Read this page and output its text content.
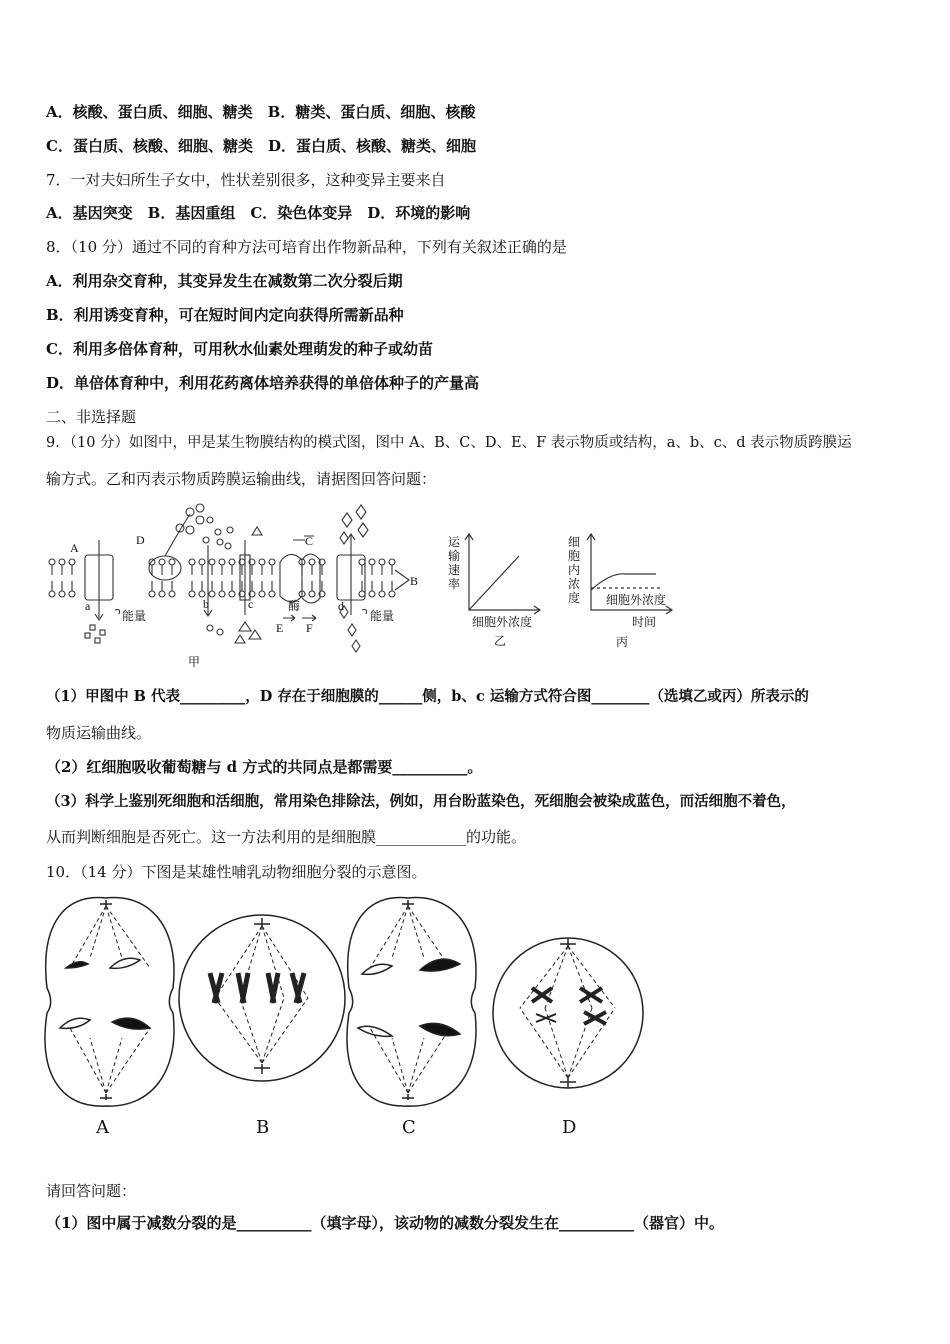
A．核酸、蛋白质、细胞、糖类　B．糖类、蛋白质、细胞、核酸
C．蛋白质、核酸、细胞、糖类　D．蛋白质、核酸、糖类、细胞
7．一对夫妇所生子女中，性状差别很多，这种变异主要来自
A．基因突变　B．基因重组　C．染色体变异　D．环境的影响
8．（10 分）通过不同的育种方法可培育出作物新品种，下列有关叙述正确的是
A．利用杂交育种，其变异发生在减数第二次分裂后期
B．利用诱变育种，可在短时间内定向获得所需新品种
C．利用多倍体育种，可用秋水仙素处理萌发的种子或幼苗
D．单倍体育种中，利用花药离体培养获得的单倍体种子的产量高
二、非选择题
9．（10 分）如图中，甲是某生物膜结构的模式图，图中 A、B、C、D、E、F 表示物质或结构，a、b、c、d 表示物质跨膜运
输方式。乙和丙表示物质跨膜运输曲线，请据图回答问题：
A
D	C
B
a
能量
b	c	酶
E F
d
能量
甲
运
输
速
率
细胞外浓度
乙
细
胞
内
浓
度 细胞外浓度
时间
丙
（1）甲图中 B 代表_________，D 存在于细胞膜的______侧，b、c 运输方式符合图________（选填乙或丙）所表示的
物质运输曲线。
（2）红细胞吸收葡萄糖与 d 方式的共同点是都需要__________。
（3）科学上鉴别死细胞和活细胞，常用染色排除法，例如，用台盼蓝染色，死细胞会被染成蓝色，而活细胞不着色，
从而判断细胞是否死亡。这一方法利用的是细胞膜____________的功能。
10．（14 分）下图是某雄性哺乳动物细胞分裂的示意图。
A	B	C	D
请回答问题：
（1）图中属于减数分裂的是__________（填字母），该动物的减数分裂发生在__________（器官）中。
